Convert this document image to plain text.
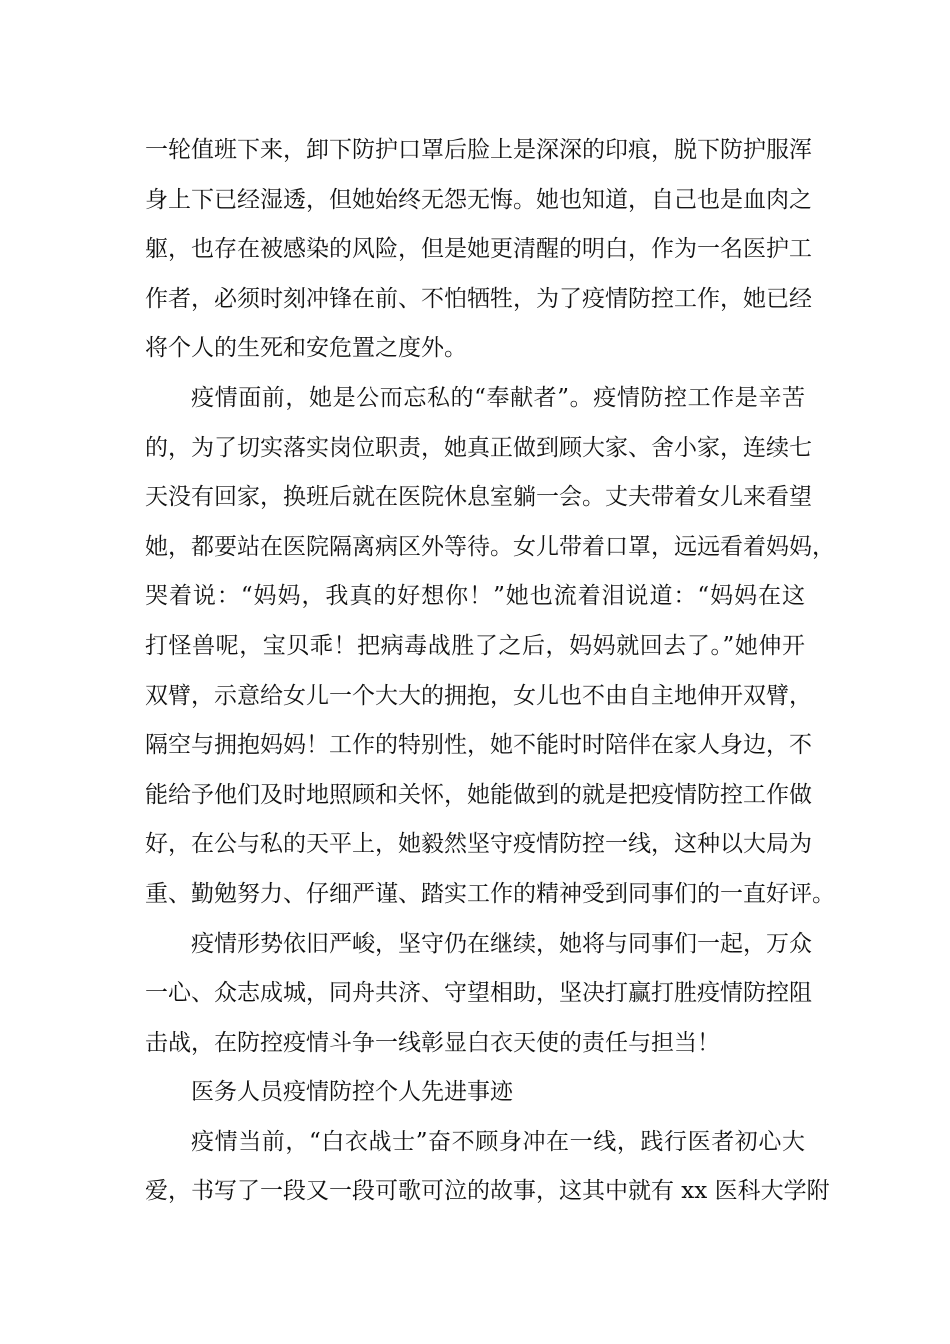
一轮值班下来，卸下防护口罩后脸上是深深的印痕，脱下防护服浑
身上下已经湿透，但她始终无怨无悔。她也知道，自己也是血肉之
躯，也存在被感染的风险，但是她更清醒的明白，作为一名医护工
作者，必须时刻冲锋在前、不怕牺牲，为了疫情防控工作，她已经
将个人的生死和安危置之度外。
疫情面前，她是公而忘私的“奉献者”。疫情防控工作是辛苦
的，为了切实落实岗位职责，她真正做到顾大家、舍小家，连续七
天没有回家，换班后就在医院休息室躺一会。丈夫带着女儿来看望
她，都要站在医院隔离病区外等待。女儿带着口罩，远远看着妈妈，
哭着说：“妈妈，我真的好想你！”她也流着泪说道：“妈妈在这
打怪兽呢，宝贝乖！把病毒战胜了之后，妈妈就回去了。”她伸开
双臂，示意给女儿一个大大的拥抱，女儿也不由自主地伸开双臂，
隔空与拥抱妈妈！工作的特别性，她不能时时陪伴在家人身边，不
能给予他们及时地照顾和关怀，她能做到的就是把疫情防控工作做
好，在公与私的天平上，她毅然坚守疫情防控一线，这种以大局为
重、勤勉努力、仔细严谨、踏实工作的精神受到同事们的一直好评。
疫情形势依旧严峻，坚守仍在继续，她将与同事们一起，万众
一心、众志成城，同舟共济、守望相助，坚决打赢打胜疫情防控阻
击战，在防控疫情斗争一线彰显白衣天使的责任与担当！
医务人员疫情防控个人先进事迹
疫情当前，“白衣战士”奋不顾身冲在一线，践行医者初心大
爱，书写了一段又一段可歌可泣的故事，这其中就有 xx 医科大学附
